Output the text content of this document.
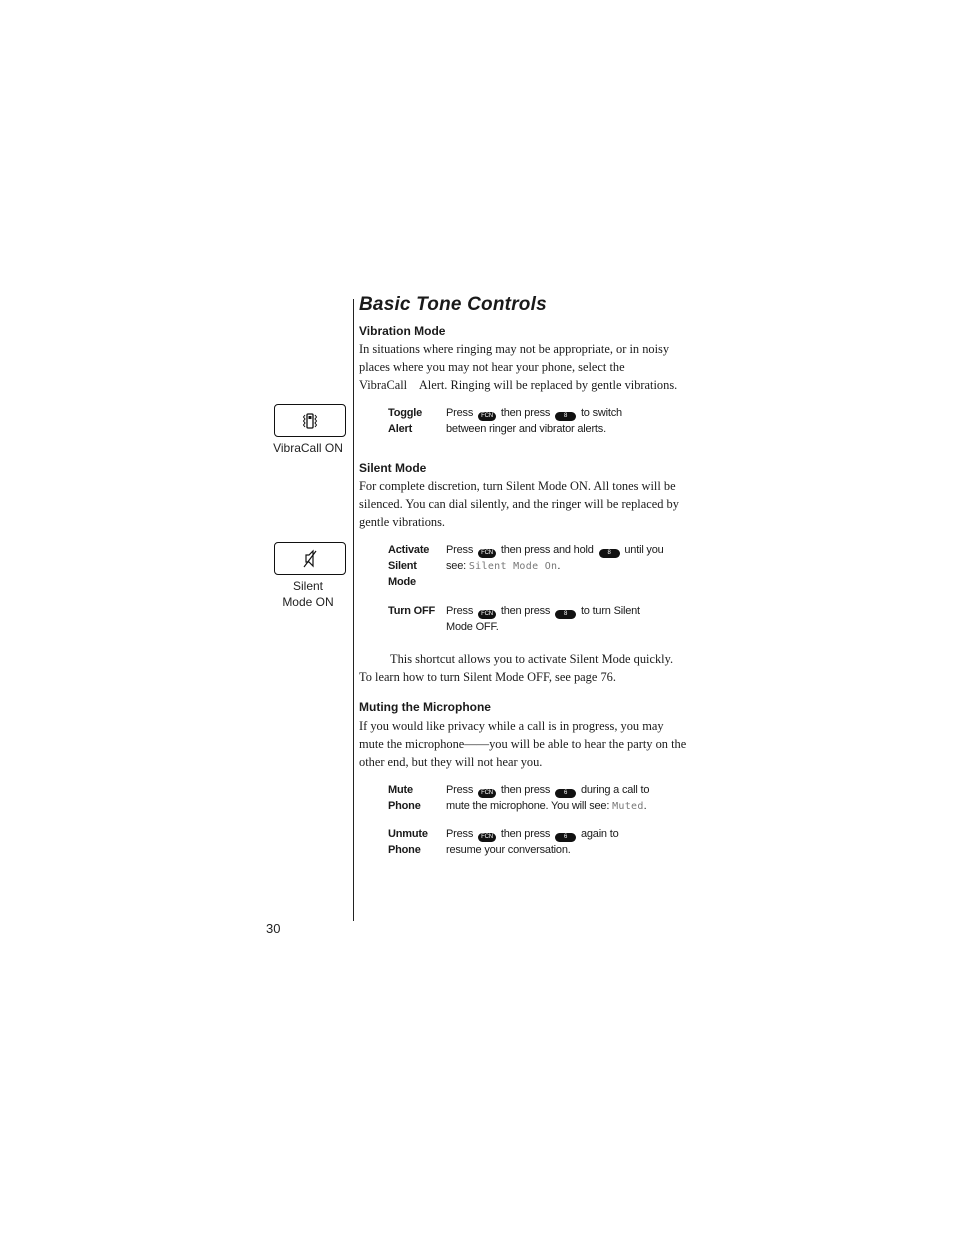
Basic Tone Controls
VibraCall ON
Silent
Mode ON
Vibration Mode
In situations where ringing may not be appropriate, or in noisy
places where you may not hear your phone, select the
VibraCall    Alert. Ringing will be replaced by gentle vibrations.
Toggle
Alert
Press FCN then press 8 to switch
between ringer and vibrator alerts.
Silent Mode
For complete discretion, turn Silent Mode ON. All tones will be
silenced. You can dial silently, and the ringer will be replaced by
gentle vibrations.
Activate
Silent
Mode
Press FCN then press and hold 8 until you
see: Silent Mode On.
Turn OFF Press FCN then press 8 to turn Silent
Mode OFF.
This shortcut allows you to activate Silent Mode quickly.
To learn how to turn Silent Mode OFF, see page 76.
Muting the Microphone
If you would like privacy while a call is in progress, you may
mute the microphone——you will be able to hear the party on the
other end, but they will not hear you.
Mute
Phone
Press FCN then press 6 during a call to
mute the microphone. You will see: Muted.
Unmute
Phone
Press FCN then press 6 again to
resume your conversation.
30
